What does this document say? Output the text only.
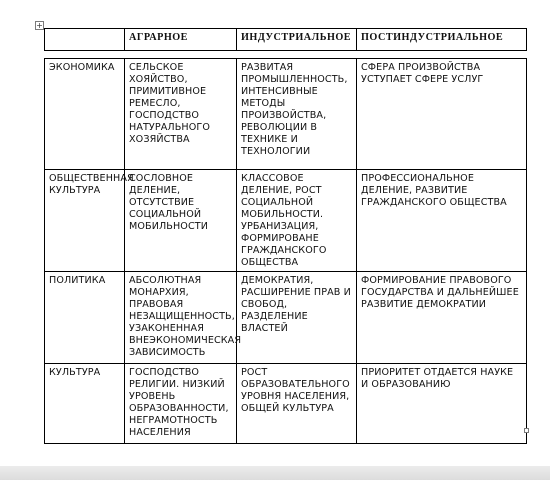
+
	АГРАРНОЕ	ИНДУСТРИАЛЬНОЕ	ПОСТИНДУСТРИАЛЬНОЕ

ЭКОНОМИКА	СЕЛЬСКОЕ ХОЯЙСТВО, ПРИМИТИВНОЕ РЕМЕСЛО, ГОСПОДСТВО НАТУРАЛЬНОГО ХОЗЯЙСТВА	РАЗВИТАЯ ПРОМЫШЛЕННОСТЬ, ИНТЕНСИВНЫЕ МЕТОДЫ ПРОИЗВОЙСТВА, РЕВОЛЮЦИИ В ТЕХНИКЕ И ТЕХНОЛОГИИ	СФЕРА ПРОИЗВОЙСТВА УСТУПАЕТ СФЕРЕ УСЛУГ
ОБЩЕСТВЕННАЯ КУЛЬТУРА	СОСЛОВНОЕ ДЕЛЕНИЕ, ОТСУТСТВИЕ СОЦИАЛЬНОЙ МОБИЛЬНОСТИ	КЛАССОВОЕ ДЕЛЕНИЕ, РОСТ СОЦИАЛЬНОЙ МОБИЛЬНОСТИ. УРБАНИЗАЦИЯ, ФОРМИРОВАНЕ ГРАЖДАНСКОГО ОБЩЕСТВА	ПРОФЕССИОНАЛЬНОЕ ДЕЛЕНИЕ, РАЗВИТИЕ ГРАЖДАНСКОГО ОБЩЕСТВА
ПОЛИТИКА	АБСОЛЮТНАЯ МОНАРХИЯ, ПРАВОВАЯ НЕЗАЩИЩЕННОСТЬ, УЗАКОНЕННАЯ ВНЕЭКОНОМИЧЕСКАЯ ЗАВИСИМОСТЬ	ДЕМОКРАТИЯ, РАСШИРЕНИЕ ПРАВ И СВОБОД, РАЗДЕЛЕНИЕ ВЛАСТЕЙ	ФОРМИРОВАНИЕ ПРАВОВОГО ГОСУДАРСТВА И ДАЛЬНЕЙШЕЕ РАЗВИТИЕ ДЕМОКРАТИИ
КУЛЬТУРА	ГОСПОДСТВО РЕЛИГИИ. НИЗКИЙ УРОВЕНЬ ОБРАЗОВАННОСТИ, НЕГРАМОТНОСТЬ НАСЕЛЕНИЯ	РОСТ ОБРАЗОВАТЕЛЬНОГО УРОВНЯ НАСЕЛЕНИЯ, ОБЩЕЙ КУЛЬТУРА	ПРИОРИТЕТ ОТДАЕТСЯ НАУКЕ И ОБРАЗОВАНИЮ
